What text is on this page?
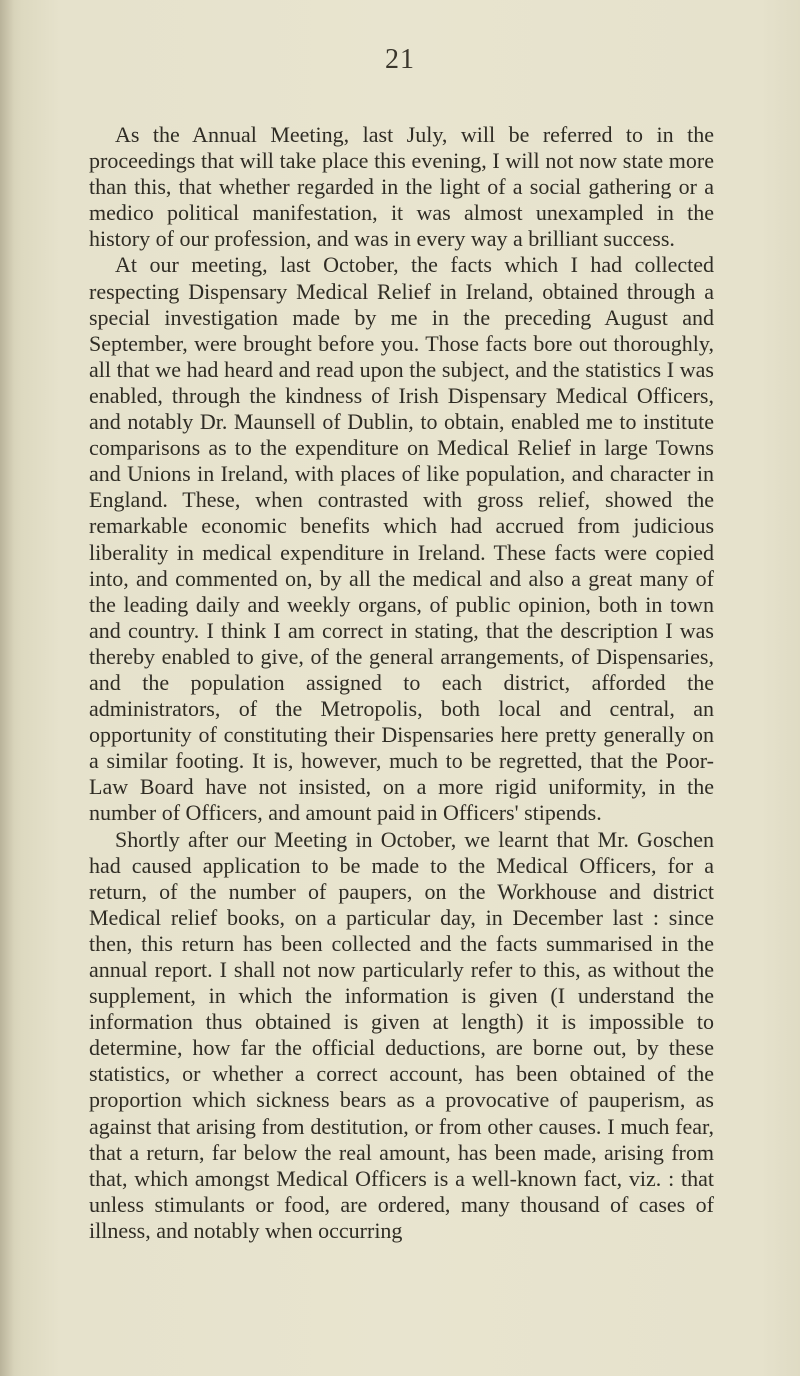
21

As the Annual Meeting, last July, will be referred to in the proceedings that will take place this evening, I will not now state more than this, that whether regarded in the light of a social gathering or a medico political manifestation, it was almost unexampled in the history of our profession, and was in every way a brilliant success.

At our meeting, last October, the facts which I had collected respecting Dispensary Medical Relief in Ireland, obtained through a special investigation made by me in the preceding August and September, were brought before you. Those facts bore out thoroughly, all that we had heard and read upon the subject, and the statistics I was enabled, through the kindness of Irish Dispensary Medical Officers, and notably Dr. Maunsell of Dublin, to obtain, enabled me to institute comparisons as to the expenditure on Medical Relief in large Towns and Unions in Ireland, with places of like population, and character in England. These, when contrasted with gross relief, showed the remarkable economic benefits which had accrued from judicious liberality in medical expenditure in Ireland. These facts were copied into, and commented on, by all the medical and also a great many of the leading daily and weekly organs, of public opinion, both in town and country. I think I am correct in stating, that the description I was thereby enabled to give, of the general arrangements, of Dispensaries, and the population assigned to each district, afforded the administrators, of the Metropolis, both local and central, an opportunity of constituting their Dispensaries here pretty generally on a similar footing. It is, however, much to be regretted, that the Poor-Law Board have not insisted, on a more rigid uniformity, in the number of Officers, and amount paid in Officers' stipends.

Shortly after our Meeting in October, we learnt that Mr. Goschen had caused application to be made to the Medical Officers, for a return, of the number of paupers, on the Workhouse and district Medical relief books, on a particular day, in December last : since then, this return has been collected and the facts summarised in the annual report. I shall not now particularly refer to this, as without the supplement, in which the information is given (I understand the information thus obtained is given at length) it is impossible to determine, how far the official deductions, are borne out, by these statistics, or whether a correct account, has been obtained of the proportion which sickness bears as a provocative of pauperism, as against that arising from destitution, or from other causes. I much fear, that a return, far below the real amount, has been made, arising from that, which amongst Medical Officers is a well-known fact, viz. : that unless stimulants or food, are ordered, many thousand of cases of illness, and notably when occurring
